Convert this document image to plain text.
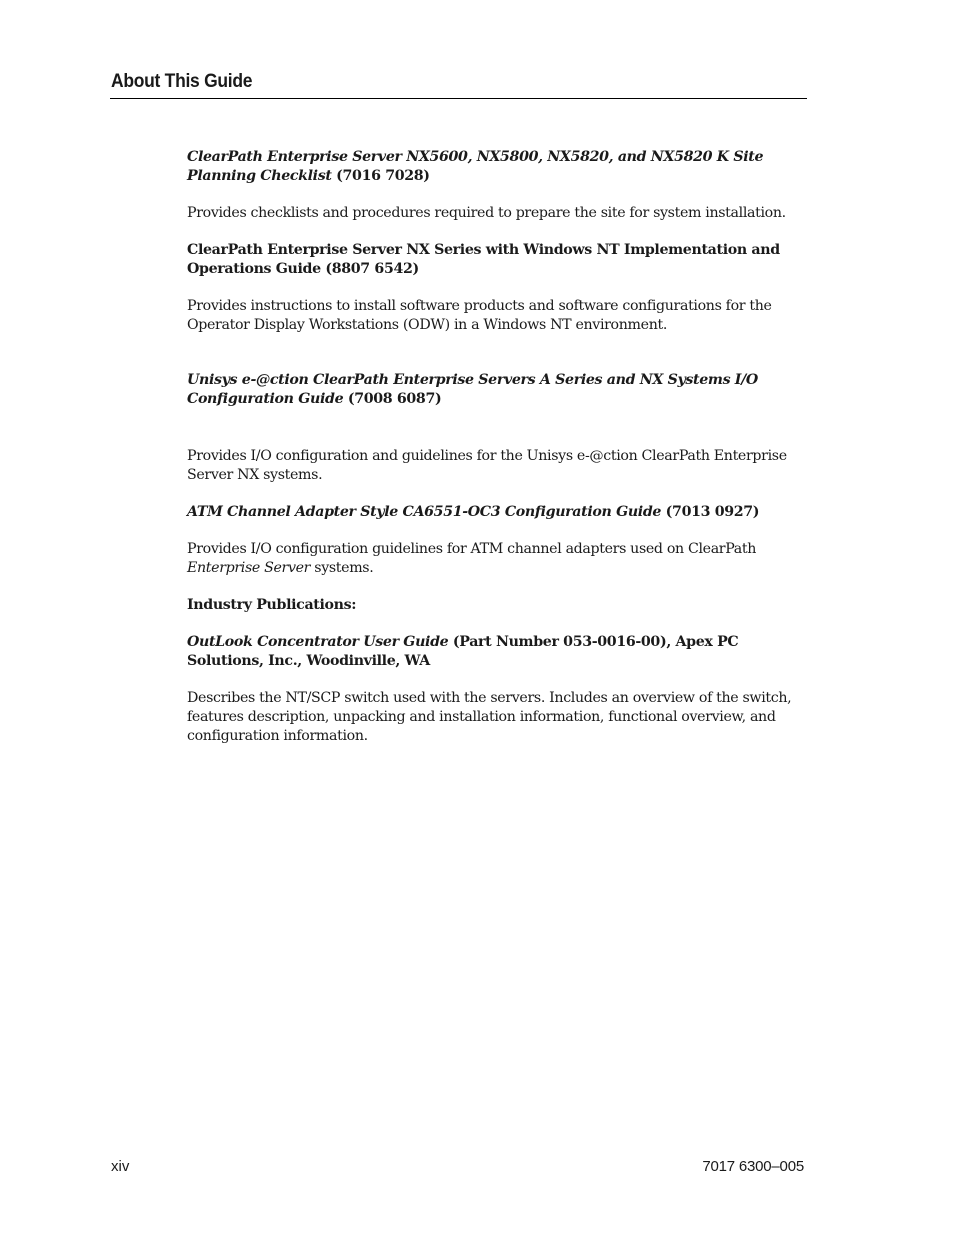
About This Guide

ClearPath Enterprise Server NX5600, NX5800, NX5820, and NX5820 K Site Planning Checklist (7016 7028)

Provides checklists and procedures required to prepare the site for system installation.

ClearPath Enterprise Server NX Series with Windows NT Implementation and Operations Guide (8807 6542)

Provides instructions to install software products and software configurations for the Operator Display Workstations (ODW) in a Windows NT environment.

Unisys e-@ction ClearPath Enterprise Servers A Series and NX Systems I/O Configuration Guide (7008 6087)

Provides I/O configuration and guidelines for the Unisys e-@ction ClearPath Enterprise Server NX systems.

ATM Channel Adapter Style CA6551-OC3 Configuration Guide (7013 0927)

Provides I/O configuration guidelines for ATM channel adapters used on ClearPath Enterprise Server systems.

Industry Publications:

OutLook Concentrator User Guide (Part Number 053-0016-00), Apex PC Solutions, Inc., Woodinville, WA

Describes the NT/SCP switch used with the servers. Includes an overview of the switch, features description, unpacking and installation information, functional overview, and configuration information.

xiv	7017 6300–005
